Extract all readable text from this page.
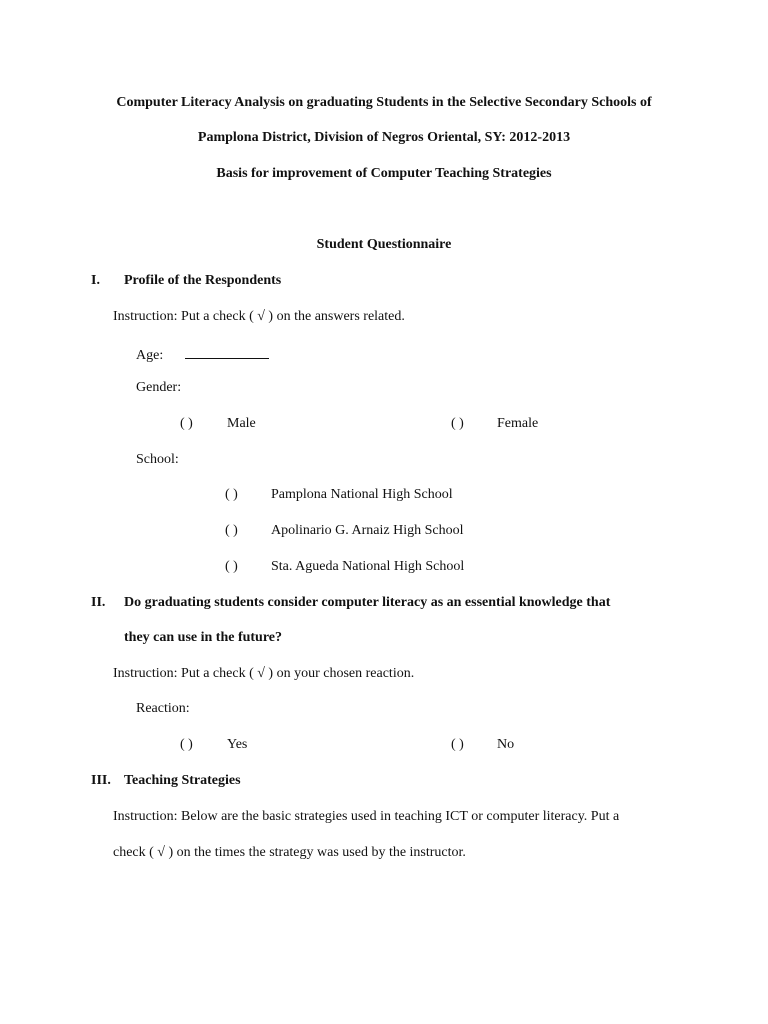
Computer Literacy Analysis on graduating Students in the Selective Secondary Schools of
Pamplona District, Division of Negros Oriental, SY: 2012-2013
Basis for improvement of Computer Teaching Strategies
Student Questionnaire
I. Profile of the Respondents
Instruction: Put a check ( √ ) on the answers related.
Age:
Gender:
( ) Male	( ) Female
School:
( ) Pamplona National High School
( ) Apolinario G. Arnaiz High School
( ) Sta. Agueda National High School
II. Do graduating students consider computer literacy as an essential knowledge that
they can use in the future?
Instruction: Put a check ( √ ) on your chosen reaction.
Reaction:
( ) Yes	( ) No
III. Teaching Strategies
Instruction: Below are the basic strategies used in teaching ICT or computer literacy. Put a
check ( √ ) on the times the strategy was used by the instructor.
